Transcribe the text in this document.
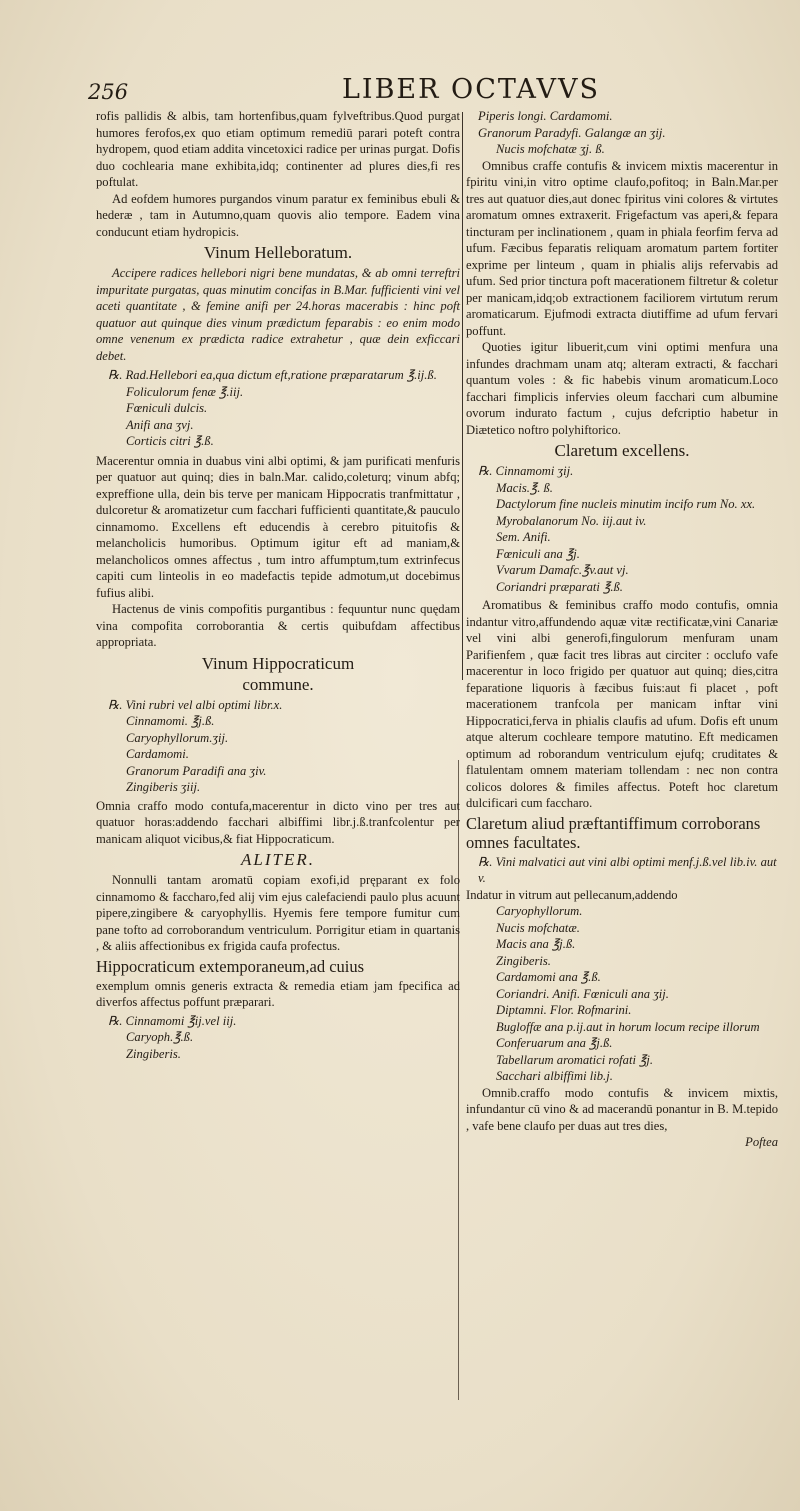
256	LIBER OCTAVVS

rofis pallidis & albis, tam hortenfibus,quam fylveftribus.Quod purgat humores ferofos,ex quo etiam optimum remediū parari poteft contra hydropem, quod etiam addita vincetoxici radice per urinas purgat. Dofis duo cochlearia mane exhibita,idq; continenter ad plures dies,fi res poftulat.

Ad eofdem humores purgandos vinum paratur ex feminibus ebuli & hederæ , tam in Autumno,quam quovis alio tempore. Eadem vina conducunt etiam hydropicis.

Vinum Helleboratum.

Accipere radices hellebori nigri bene mundatas, & ab omni terreftri impuritate purgatas, quas minutim concifas in B.Mar. fufficienti vini vel aceti quantitate , & femine anifi per 24.horas macerabis : hinc poft quatuor aut quinque dies vinum prædictum feparabis : eo enim modo omne venenum ex prædicta radice extrahetur , quæ dein exficcari debet.

℞. Rad.Hellebori ea,qua dictum eft,ratione præparatarum ℥.ij.ß.
Foliculorum fenæ ℥.iij.
Fœniculi dulcis.
Anifi ana ʒvj.
Corticis citri ℥.ß.

Macerentur omnia in duabus vini albi optimi, & jam purificati menfuris per quatuor aut quinq; dies in baln.Mar. calido,coleturq; vinum abfq; expreffione ulla, dein bis terve per manicam Hippocratis tranfmittatur , dulcoretur & aromatizetur cum facchari fufficienti quantitate,& pauculo cinnamomo. Excellens eft educendis à cerebro pituitofis & melancholicis humoribus. Optimum igitur eft ad maniam,& melancholicos omnes affectus , tum intro affumptum,tum extrinfecus capiti cum linteolis in eo madefactis tepide admotum,ut docebimus fufius alibi.

Hactenus de vinis compofitis purgantibus : fequuntur nunc quędam vina compofita corroborantia & certis quibufdam affectibus appropriata.

Vinum Hippocraticum
commune.
℞. Vini rubri vel albi optimi libr.x.
Cinnamomi. ℥j.ß.
Caryophyllorum.ʒij.
Cardamomi.
Granorum Paradifi ana ʒiv.
Zingiberis ʒiij.

Omnia craffo modo contufa,macerentur in dicto vino per tres aut quatuor horas:addendo facchari albiffimi libr.j.ß.tranfcolentur per manicam aliquot vicibus,& fiat Hippocraticum.

ALITER.

Nonnulli tantam aromatū copiam exofi,id pręparant ex folo cinnamomo & faccharo,fed alij vim ejus calefaciendi paulo plus acuunt pipere,zingibere & caryophyllis. Hyemis fere tempore fumitur cum pane tofto ad corroborandum ventriculum. Porrigitur etiam in quartanis , & aliis affectionibus ex frigida caufa profectus.

Hippocraticum extemporaneum,ad cuius

exemplum omnis generis extracta & remedia etiam jam fpecifica ad diverfos affectus poffunt præparari.

℞. Cinnamomi ℥ij.vel iij.
Caryoph.℥.ß.
Zingiberis.
Piperis longi. Cardamomi.
Granorum Paradyfi. Galangæ an ʒij.
Nucis mofchatæ ʒj. ß.

Omnibus craffe contufis & invicem mixtis macerentur in fpiritu vini,in vitro optime claufo,pofitoq; in Baln.Mar.per tres aut quatuor dies,aut donec fpiritus vini colores & virtutes aromatum omnes extraxerit. Frigefactum vas aperi,& fepara tincturam per inclinationem , quam in phiala feorfim ferva ad ufum. Fæcibus feparatis reliquam aromatum partem fortiter exprime per linteum , quam in phialis alijs refervabis ad ufum. Sed prior tinctura poft macerationem filtretur & coletur per manicam,idq;ob extractionem faciliorem virtutum rerum aromaticarum. Ejufmodi extracta diutiffime ad ufum fervari poffunt.

Quoties igitur libuerit,cum vini optimi menfura una infundes drachmam unam atq; alteram extracti, & facchari quantum voles : & fic habebis vinum aromaticum.Loco facchari fimplicis infervies oleum facchari cum albumine ovorum indurato factum , cujus defcriptio habetur in Diætetico noftro polyhiftorico.

Claretum excellens.
℞. Cinnamomi ʒij.
Macis.℥. ß.
Dactylorum fine nucleis minutim incifo rum No. xx.
Myrobalanorum No. iij.aut iv.
Sem. Anifi.
Fœniculi ana ℥j.
Vvarum Damafc.℥v.aut vj.
Coriandri præparati ℥.ß.

Aromatibus & feminibus craffo modo contufis, omnia indantur vitro,affundendo aquæ vitæ rectificatæ,vini Canariæ vel vini albi generofi,fingulorum menfuram unam Parifienfem , quæ facit tres libras aut circiter : occlufo vafe macerentur in loco frigido per quatuor aut quinq; dies,citra feparatione liquoris à fæcibus fuis:aut fi placet , poft macerationem tranfcola per manicam inftar vini Hippocratici,ferva in phialis claufis ad ufum. Dofis eft unum atque alterum cochleare tempore matutino. Eft medicamen optimum ad roborandum ventriculum ejufq; cruditates & flatulentam omnem materiam tollendam : nec non contra colicos dolores & fimiles affectus. Poteft hoc claretum dulcificari cum faccharo.

Claretum aliud præftantiffimum corroborans omnes facultates.
℞. Vini malvatici aut vini albi optimi menf.j.ß.vel lib.iv. aut v.

Indatur in vitrum aut pellecanum,addendo

Caryophyllorum.
Nucis mofchatæ.
Macis ana ℥j.ß.
Zingiberis.
Cardamomi ana ℥.ß.
Coriandri. Anifi. Fœniculi ana ʒij.
Diptamni. Flor. Rofmarini.
Bugloffæ ana p.ij.aut in horum locum recipe illorum Conferuarum ana ℥j.ß.
Tabellarum aromatici rofati ℥j.
Sacchari albiffimi lib.j.

Omnib.craffo modo contufis & invicem mixtis, infundantur cū vino & ad macerandū ponantur in B. M.tepido , vafe bene claufo per duas aut tres dies,

Poftea
